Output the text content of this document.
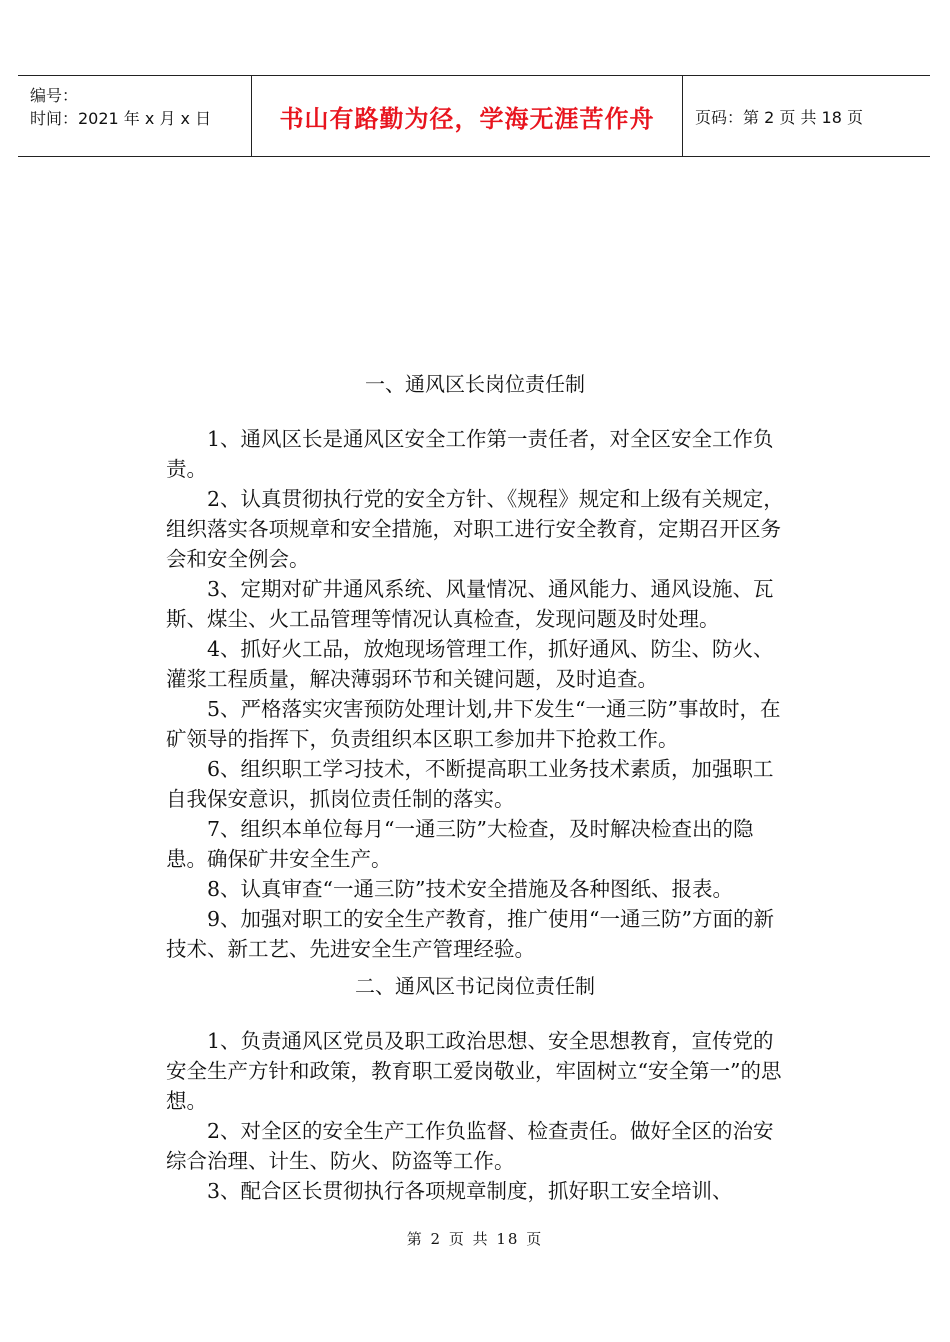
编号：
时间：2021 年 x 月 x 日	书山有路勤为径，学海无涯苦作舟	页码：第 2 页 共 18 页
一、通风区长岗位责任制

1、通风区长是通风区安全工作第一责任者，对全区安全工作负责。

2、认真贯彻执行党的安全方针、《规程》规定和上级有关规定，组织落实各项规章和安全措施，对职工进行安全教育，定期召开区务会和安全例会。

3、定期对矿井通风系统、风量情况、通风能力、通风设施、瓦斯、煤尘、火工品管理等情况认真检查，发现问题及时处理。

4、抓好火工品，放炮现场管理工作，抓好通风、防尘、防火、灌浆工程质量，解决薄弱环节和关键问题，及时追查。

5、严格落实灾害预防处理计划,井下发生“一通三防”事故时，在矿领导的指挥下，负责组织本区职工参加井下抢救工作。

6、组织职工学习技术，不断提高职工业务技术素质，加强职工自我保安意识，抓岗位责任制的落实。

7、组织本单位每月“一通三防”大检查，及时解决检查出的隐患。确保矿井安全生产。

8、认真审查“一通三防”技术安全措施及各种图纸、报表。

9、加强对职工的安全生产教育，推广使用“一通三防”方面的新技术、新工艺、先进安全生产管理经验。

二、通风区书记岗位责任制

1、负责通风区党员及职工政治思想、安全思想教育，宣传党的安全生产方针和政策，教育职工爱岗敬业，牢固树立“安全第一”的思想。

2、对全区的安全生产工作负监督、检查责任。做好全区的治安综合治理、计生、防火、防盗等工作。

3、配合区长贯彻执行各项规章制度，抓好职工安全培训、

第 2 页 共 18 页
